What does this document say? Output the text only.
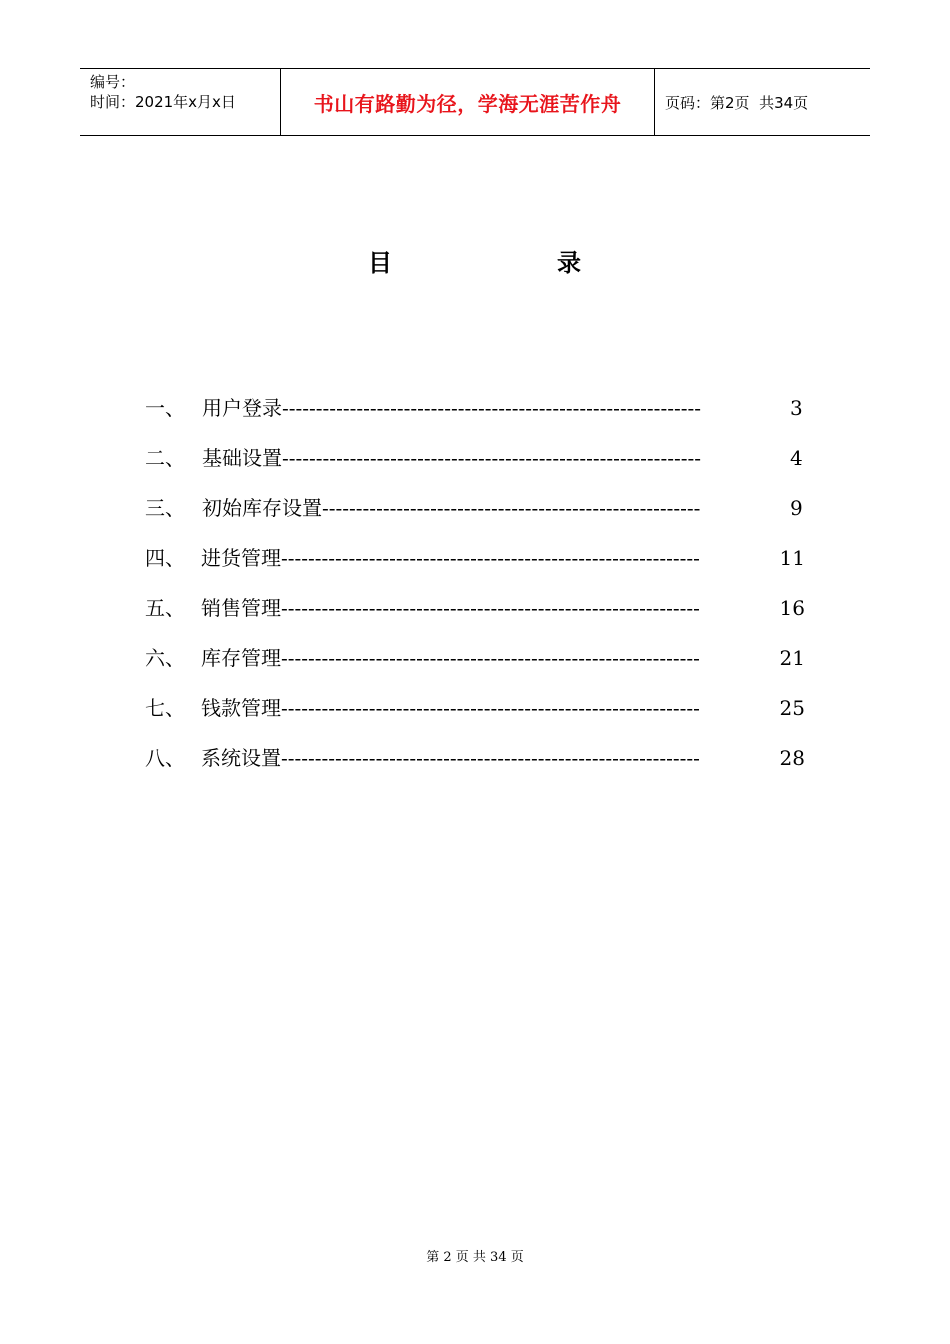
编号：
时间：2021年x月x日	书山有路勤为径，学海无涯苦作舟	页码：第2页  共34页
目	录
一、 用户登录 --------------------------------------------------------------	3
二、 基础设置 --------------------------------------------------------------	4
三、 初始库存设置 --------------------------------------------------------	9
四、 进货管理 --------------------------------------------------------------	11
五、 销售管理 --------------------------------------------------------------	16
六、 库存管理 --------------------------------------------------------------	21
七、 钱款管理 --------------------------------------------------------------	25
八、 系统设置 --------------------------------------------------------------	28
第 2 页 共 34 页
